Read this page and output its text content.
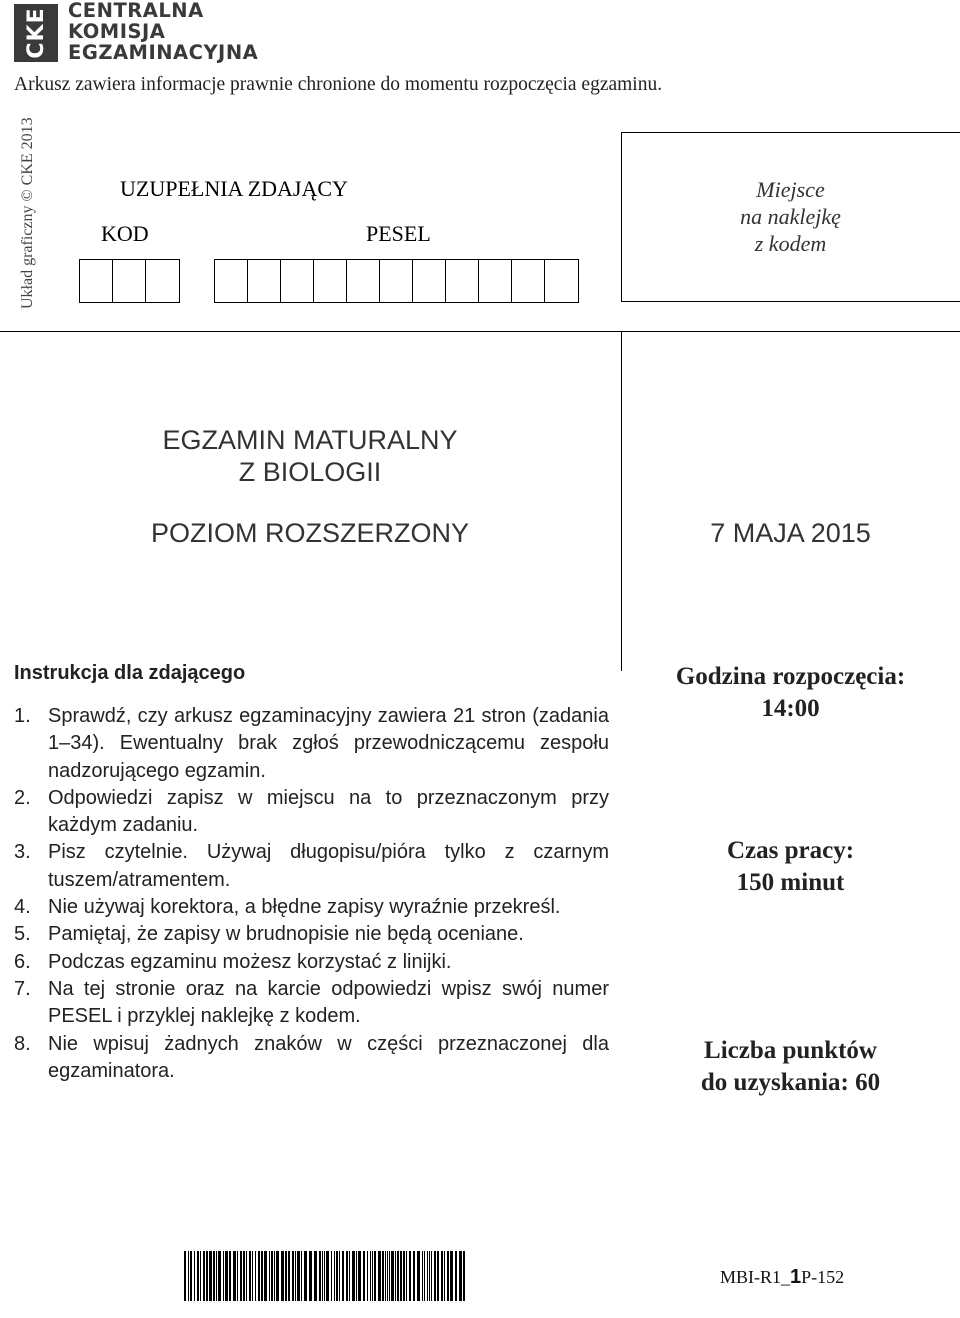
CKE	CENTRALNA
KOMISJA
EGZAMINACYJNA
Arkusz zawiera informacje prawnie chronione do momentu rozpoczęcia egzaminu.
Układ graficzny © CKE 2013	UZUPEŁNIA ZDAJĄCY
KOD	PESEL
Miejsce
na naklejkę
z kodem
EGZAMIN MATURALNY
Z BIOLOGII
POZIOM ROZSZERZONY	7 MAJA 2015
Instrukcja dla zdającego
1. Sprawdź, czy arkusz egzaminacyjny zawiera 21 stron (zadania 1–34). Ewentualny brak zgłoś przewodniczącemu zespołu nadzorującego egzamin.
2. Odpowiedzi zapisz w miejscu na to przeznaczonym przy każdym zadaniu.
3. Pisz czytelnie. Używaj długopisu/pióra tylko z czarnym tuszem/atramentem.
4. Nie używaj korektora, a błędne zapisy wyraźnie przekreśl.
5. Pamiętaj, że zapisy w brudnopisie nie będą oceniane.
6. Podczas egzaminu możesz korzystać z linijki.
7. Na tej stronie oraz na karcie odpowiedzi wpisz swój numer PESEL i przyklej naklejkę z kodem.
8. Nie wpisuj żadnych znaków w części przeznaczonej dla egzaminatora.
Godzina rozpoczęcia:
14:00
Czas pracy:
150 minut
Liczba punktów
do uzyskania: 60
MBI-R1_1P-152
